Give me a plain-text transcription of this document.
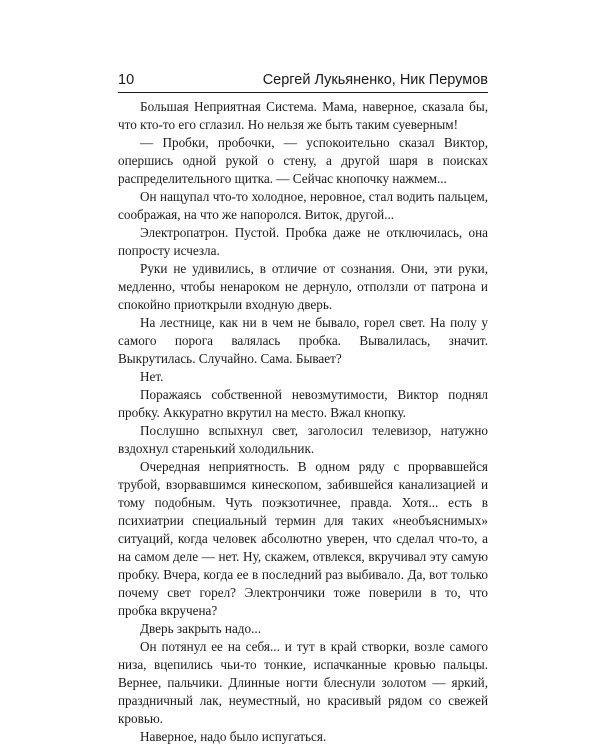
10	Сергей Лукьяненко, Ник Перумов

Большая Неприятная Система. Мама, наверное, сказала бы, что кто-то его сглазил. Но нельзя же быть таким суеверным!

— Пробки, пробочки, — успокоительно сказал Виктор, опершись одной рукой о стену, а другой шаря в поисках распределительного щитка. — Сейчас кнопочку нажмем...

Он нащупал что-то холодное, неровное, стал водить пальцем, соображая, на что же напоролся. Виток, другой...

Электропатрон. Пустой. Пробка даже не отключилась, она попросту исчезла.

Руки не удивились, в отличие от сознания. Они, эти руки, медленно, чтобы ненароком не дернуло, отползли от патрона и спокойно приоткрыли входную дверь.

На лестнице, как ни в чем не бывало, горел свет. На полу у самого порога валялась пробка. Вывалилась, значит. Выкрутилась. Случайно. Сама. Бывает?

Нет.

Поражаясь собственной невозмутимости, Виктор поднял пробку. Аккуратно вкрутил на место. Вжал кнопку.

Послушно вспыхнул свет, заголосил телевизор, натужно вздохнул старенький холодильник.

Очередная неприятность. В одном ряду с прорвавшейся трубой, взорвавшимся кинескопом, забившейся канализацией и тому подобным. Чуть поэкзотичнее, правда. Хотя... есть в психиатрии специальный термин для таких «необъяснимых» ситуаций, когда человек абсолютно уверен, что сделал что-то, а на самом деле — нет. Ну, скажем, отвлекся, вкручивал эту самую пробку. Вчера, когда ее в последний раз выбивало. Да, вот только почему свет горел? Электрончики тоже поверили в то, что пробка вкручена?

Дверь закрыть надо...

Он потянул ее на себя... и тут в край створки, возле самого низа, вцепились чьи-то тонкие, испачканные кровью пальцы. Вернее, пальчики. Длинные ногти блеснули золотом — яркий, праздничный лак, неуместный, но красивый рядом со свежей кровью.

Наверное, надо было испугаться.
